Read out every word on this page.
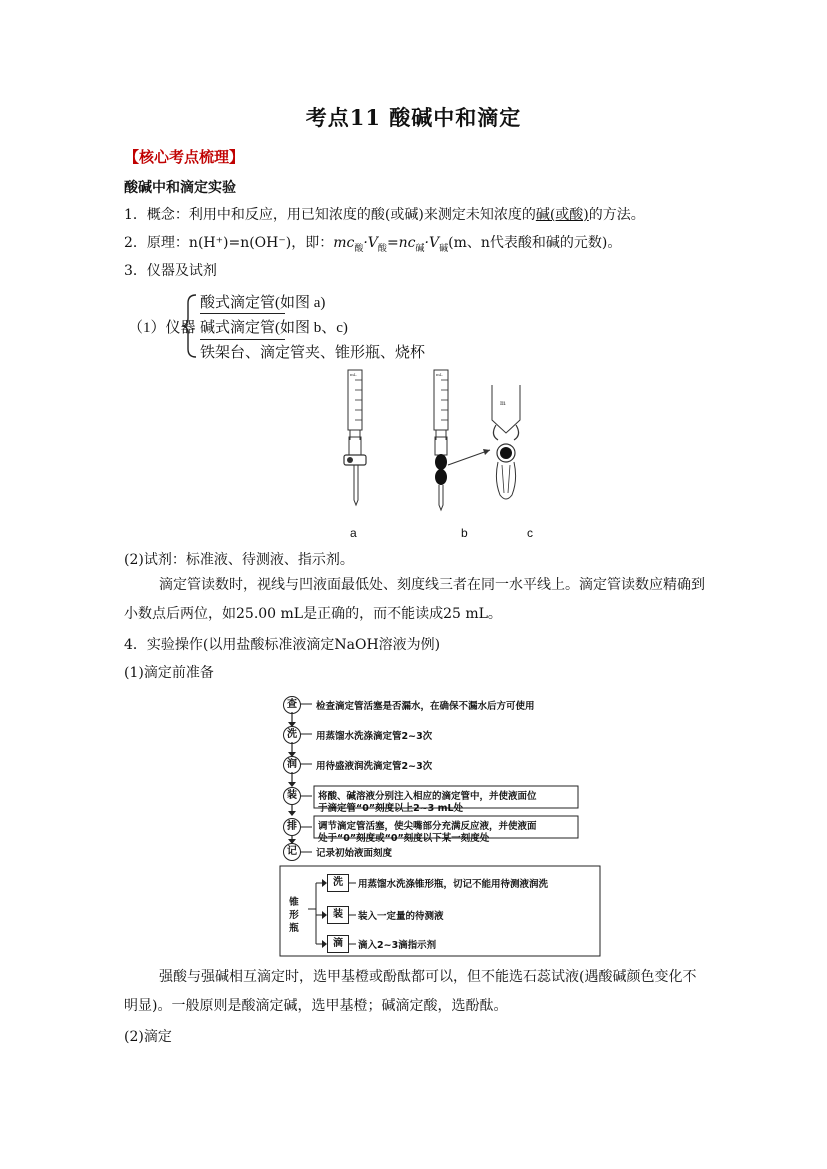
考点11 酸碱中和滴定
【核心考点梳理】
酸碱中和滴定实验
1．概念：利用中和反应，用已知浓度的酸(或碱)来测定未知浓度的碱(或酸)的方法。
2．原理：n(H⁺)=n(OH⁻)，即：$mc_酸\cdot V_酸=nc_碱\cdot V_碱(m$、n代表酸和碱的元数)。
3．仪器及试剂
（1）仪器
酸式滴定管(如图 a)
碱式滴定管(如图 b、c)
铁架台、滴定管夹、锥形瓶、烧杯
mL	mL
m
a	b	c
(2)试剂：标准液、待测液、指示剂。
滴定管读数时，视线与凹液面最低处、刻度线三者在同一水平线上。滴定管读数应精确到小数点后两位，如25.00 mL是正确的，而不能读成25 mL。
4．实验操作(以用盐酸标准液滴定NaOH溶液为例)
(1)滴定前准备
查	检查滴定管活塞是否漏水，在确保不漏水后方可使用
洗	用蒸馏水洗涤滴定管2~3次
润	用待盛液润洗滴定管2~3次
装	将酸、碱溶液分别注入相应的滴定管中，并使液面位
于滴定管“0”刻度以上2~3 mL处
排	调节滴定管活塞，使尖嘴部分充满反应液，并使液面
处于“0”刻度或“0”刻度以下某一刻度处
记	记录初始液面刻度
锥
形
瓶
洗	用蒸馏水洗涤锥形瓶，切记不能用待测液润洗
装	装入一定量的待测液
滴	滴入2~3滴指示剂
强酸与强碱相互滴定时，选甲基橙或酚酞都可以，但不能选石蕊试液(遇酸碱颜色变化不明显)。一般原则是酸滴定碱，选甲基橙；碱滴定酸，选酚酞。
(2)滴定
